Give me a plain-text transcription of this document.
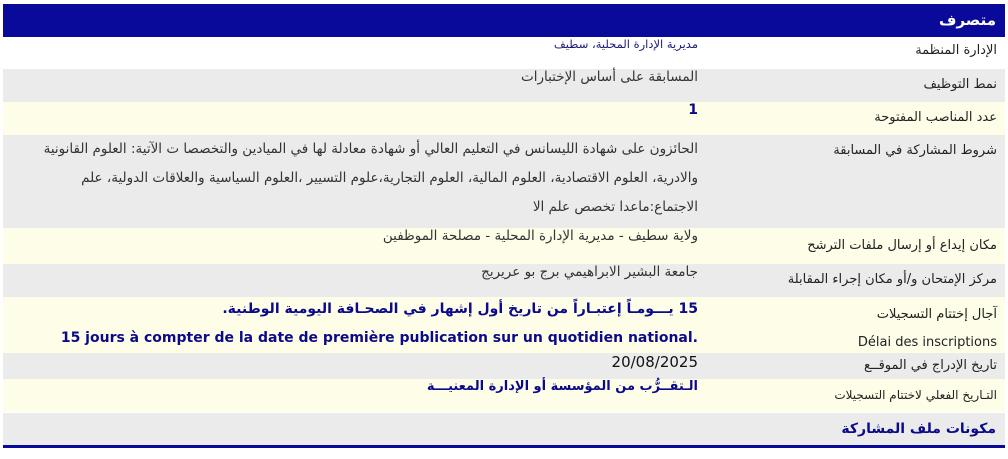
متصرف
الإدارة المنظمة	مديرية الإدارة المحلية، سطيف
نمط التوظيف	المسابقة على أساس الإختبارات
عدد المناصب المفتوحة	1
شروط المشاركة في المسابقة	الحائزون على شهادة الليسانس في التعليم العالي أو شهادة معادلة لها في الميادين والتخصصا ت الآتية: العلوم القانونية والادرية، العلوم الاقتصادية، العلوم المالية، العلوم التجارية،علوم التسيير ،العلوم السياسية والعلاقات الدولية، علم الاجتماع:ماعدا تخصص علم الا
مكان إيداع أو إرسال ملفات الترشح	ولاية سطيف - مديرية الإدارة المحلية - مصلحة الموظفين
مركز الإمتحان و/أو مكان إجراء المقابلة	جامعة البشير الابراهيمي برج بو عريريج
آجال إختتام التسجيلات	15 يـــومـاً إعتبـاراً من تاريخ أول إشهار في الصحـافة اليومية الوطنية.
Délai des inscriptions	15 jours à compter de la date de première publication sur un quotidien national.
تاريخ الإدراج في الموقــع	20/08/2025
التـاريخ الفعلي لاختتام التسجيلات	الـتقــرُّب من المؤسسة أو الإدارة المعنيـــة
مكونات ملف المشاركة
